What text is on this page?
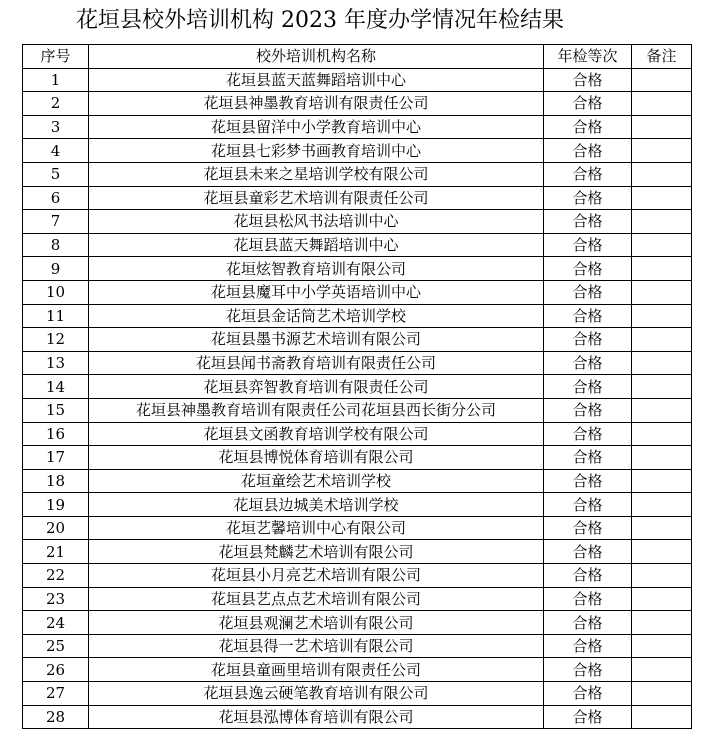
花垣县校外培训机构 2023 年度办学情况年检结果
序号	校外培训机构名称	年检等次	备注
1	花垣县蓝天蓝舞蹈培训中心	合格	
2	花垣县神墨教育培训有限责任公司	合格	
3	花垣县留洋中小学教育培训中心	合格	
4	花垣县七彩梦书画教育培训中心	合格	
5	花垣县未来之星培训学校有限公司	合格	
6	花垣县童彩艺术培训有限责任公司	合格	
7	花垣县松风书法培训中心	合格	
8	花垣县蓝天舞蹈培训中心	合格	
9	花垣炫智教育培训有限公司	合格	
10	花垣县魔耳中小学英语培训中心	合格	
11	花垣县金话筒艺术培训学校	合格	
12	花垣县墨书源艺术培训有限公司	合格	
13	花垣县闻书斋教育培训有限责任公司	合格	
14	花垣县弈智教育培训有限责任公司	合格	
15	花垣县神墨教育培训有限责任公司花垣县西长街分公司	合格	
16	花垣县文函教育培训学校有限公司	合格	
17	花垣县博悦体育培训有限公司	合格	
18	花垣童绘艺术培训学校	合格	
19	花垣县边城美术培训学校	合格	
20	花垣艺馨培训中心有限公司	合格	
21	花垣县梵麟艺术培训有限公司	合格	
22	花垣县小月亮艺术培训有限公司	合格	
23	花垣县艺点点艺术培训有限公司	合格	
24	花垣县观澜艺术培训有限公司	合格	
25	花垣县得一艺术培训有限公司	合格	
26	花垣县童画里培训有限责任公司	合格	
27	花垣县逸云硬笔教育培训有限公司	合格	
28	花垣县泓博体育培训有限公司	合格	
